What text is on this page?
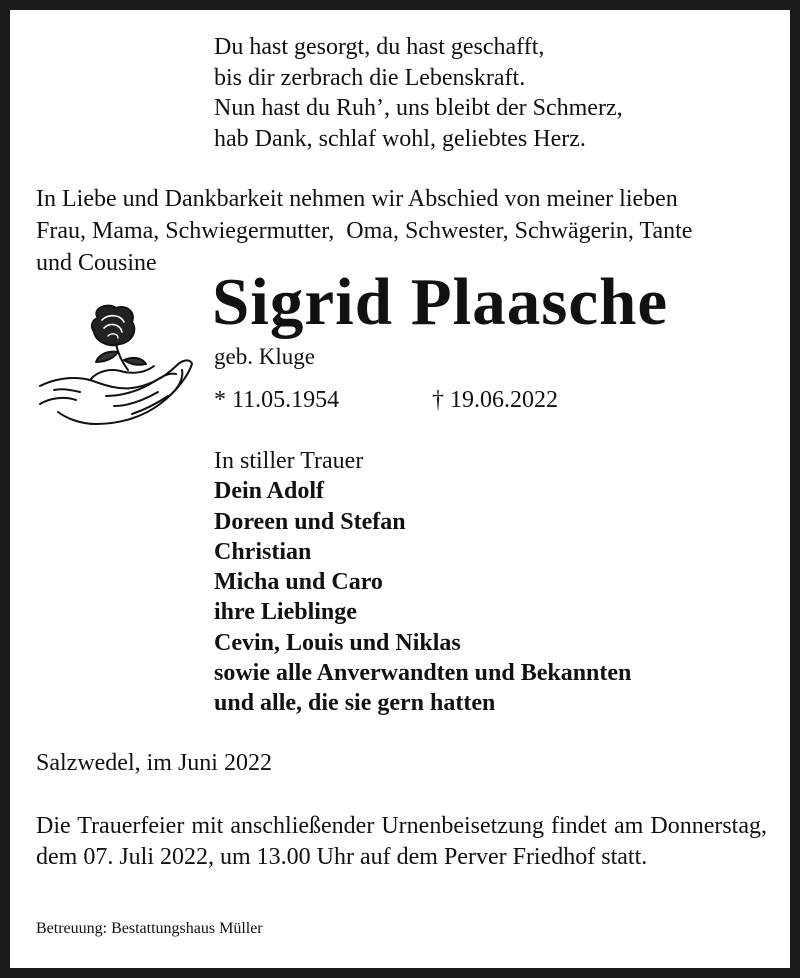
Du hast gesorgt, du hast geschafft,
bis dir zerbrach die Lebenskraft.
Nun hast du Ruh’, uns bleibt der Schmerz,
hab Dank, schlaf wohl, geliebtes Herz.
In Liebe und Dankbarkeit nehmen wir Abschied von meiner lieben
Frau, Mama, Schwiegermutter,  Oma, Schwester, Schwägerin, Tante
und Cousine
Sigrid Plaasche
geb. Kluge
* 11.05.1954	† 19.06.2022
In stiller Trauer
Dein Adolf
Doreen und Stefan
Christian
Micha und Caro
ihre Lieblinge
Cevin, Louis und Niklas
sowie alle Anverwandten und Bekannten
und alle, die sie gern hatten
Salzwedel, im Juni 2022
Die Trauerfeier mit anschließender Urnenbeisetzung findet am Donnerstag, dem 07. Juli 2022, um 13.00 Uhr auf dem Perver Friedhof statt.
Betreuung: Bestattungshaus Müller
